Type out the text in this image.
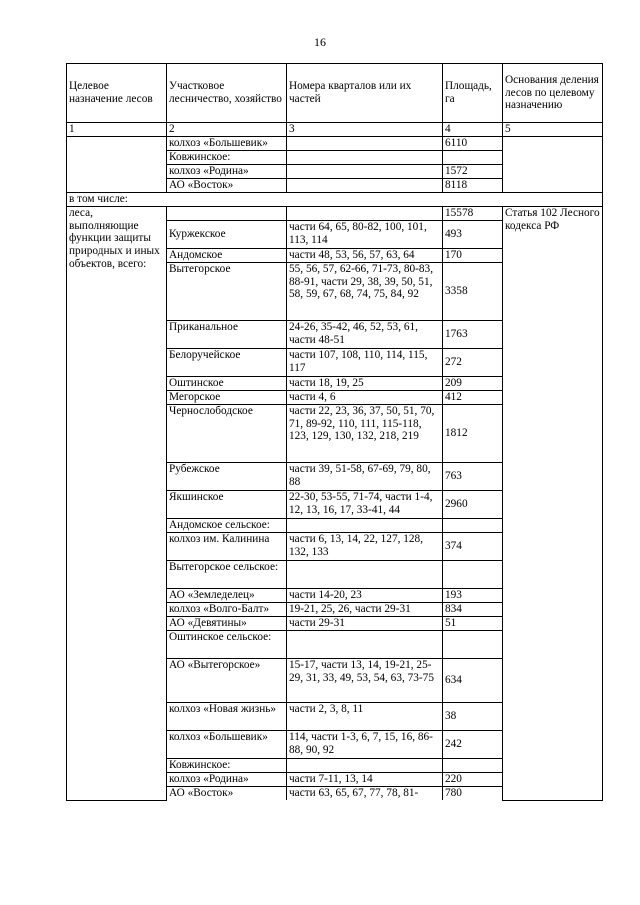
16
Целевое назначение лесов	Участковое лесничество, хозяйство	Номера кварталов или их частей	Площадь, га	Основания деления лесов по целевому назначению
1	2	3	4	5
	колхоз «Большевик»		6110	
	Ковжинское:			
	колхоз «Родина»		1572	
	АО «Восток»		8118	
в том числе:				
леса, выполняющие функции защиты природных и иных объектов, всего:			15578	Статья 102 Лесного кодекса РФ
	Куржекское	части 64, 65, 80-82, 100, 101, 113, 114	493	
	Андомское	части 48, 53, 56, 57, 63, 64	170	
	Вытегорское	55, 56, 57, 62-66, 71-73, 80-83, 88-91, части 29, 38, 39, 50, 51, 58, 59, 67, 68, 74, 75, 84, 92	3358	
	Приканальное	24-26, 35-42, 46, 52, 53, 61, части 48-51	1763	
	Белоручейское	части 107, 108, 110, 114, 115, 117	272	
	Оштинское	части 18, 19, 25	209	
	Мегорское	части 4, 6	412	
	Чернослободское	части 22, 23, 36, 37, 50, 51, 70, 71, 89-92, 110, 111, 115-118, 123, 129, 130, 132, 218, 219	1812	
	Рубежское	части 39, 51-58, 67-69, 79, 80, 88	763	
	Якшинское	22-30, 53-55, 71-74, части 1-4, 12, 13, 16, 17, 33-41, 44	2960	
	Андомское сельское:			
	колхоз им. Калинина	части 6, 13, 14, 22, 127, 128, 132, 133	374	
	Вытегорское сельское:			
	АО «Земледелец»	части 14-20, 23	193	
	колхоз «Волго-Балт»	19-21, 25, 26, части 29-31	834	
	АО «Девятины»	части 29-31	51	
	Оштинское сельское:			
	АО «Вытегорское»	15-17, части 13, 14, 19-21, 25-29, 31, 33, 49, 53, 54, 63, 73-75	634	
	колхоз «Новая жизнь»	части 2, 3, 8, 11	38	
	колхоз «Большевик»	114, части 1-3, 6, 7, 15, 16, 86-88, 90, 92	242	
	Ковжинское:			
	колхоз «Родина»	части 7-11, 13, 14	220	
	АО «Восток»	части 63, 65, 67, 77, 78, 81-	780	
